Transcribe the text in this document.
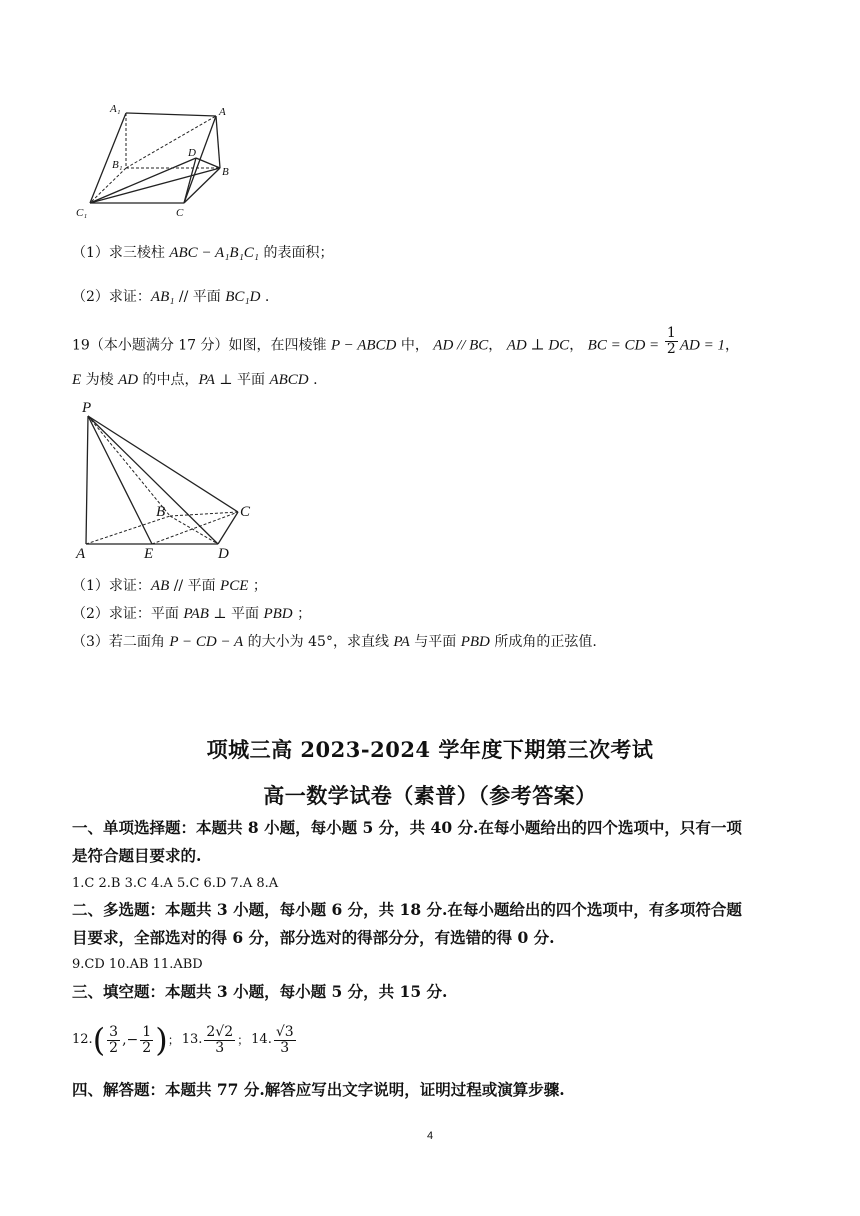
A₁	A
B₁
D
B
C₁	C
（1）求三棱柱 ABC − A₁B₁C₁ 的表面积；
（2）求证：AB₁ // 平面 BC₁D .
19（本小题满分 17 分）如图，在四棱锥 P − ABCD 中， AD // BC， AD ⊥ DC， BC = CD = $\frac{1}{2}$ AD = 1，
E 为棱 AD 的中点，PA ⊥ 平面 ABCD .
P
B	C
A	E	D
（1）求证：AB // 平面 PCE ；
（2）求证：平面 PAB ⊥ 平面 PBD ；
（3）若二面角 P − CD − A 的大小为 45°，求直线 PA 与平面 PBD 所成角的正弦值.
项城三高 2023-2024 学年度下期第三次考试
高一数学试卷（素普）（参考答案）
一、单项选择题：本题共 8 小题，每小题 5 分，共 40 分.在每小题给出的四个选项中，只有一项
是符合题目要求的.
1.C 2.B 3.C 4.A 5.C 6.D 7.A 8.A
二、多选题：本题共 3 小题，每小题 6 分，共 18 分.在每小题给出的四个选项中，有多项符合题
目要求，全部选对的得 6 分，部分选对的得部分分，有选错的得 0 分.
9.CD 10.AB 11.ABD
三、填空题：本题共 3 小题，每小题 5 分，共 15 分.
12. ( $\frac{3}{2}$ ,− $\frac{1}{2}$ ) ； 13. $\frac{2√2}{3}$ ； 14. $\frac{√3}{3}$
四、解答题：本题共 77 分.解答应写出文字说明，证明过程或演算步骤.
4
